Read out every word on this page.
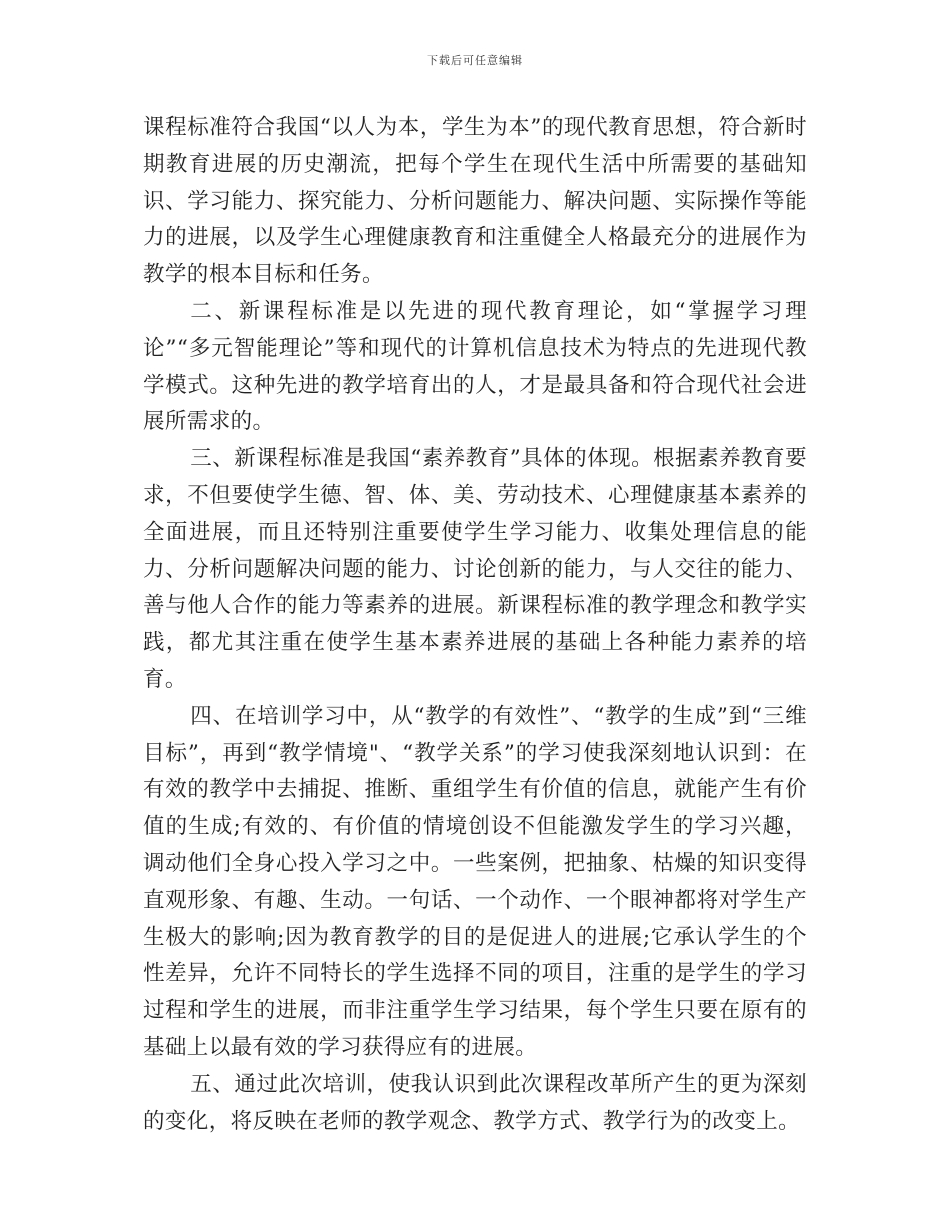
下载后可任意编辑

课程标准符合我国“以人为本，学生为本”的现代教育思想，符合新时期教育进展的历史潮流，把每个学生在现代生活中所需要的基础知识、学习能力、探究能力、分析问题能力、解决问题、实际操作等能力的进展，以及学生心理健康教育和注重健全人格最充分的进展作为教学的根本目标和任务。

二、新课程标准是以先进的现代教育理论，如“掌握学习理论”“多元智能理论”等和现代的计算机信息技术为特点的先进现代教学模式。这种先进的教学培育出的人，才是最具备和符合现代社会进展所需求的。

三、新课程标准是我国“素养教育”具体的体现。根据素养教育要求，不但要使学生德、智、体、美、劳动技术、心理健康基本素养的全面进展，而且还特别注重要使学生学习能力、收集处理信息的能力、分析问题解决问题的能力、讨论创新的能力，与人交往的能力、善与他人合作的能力等素养的进展。新课程标准的教学理念和教学实践，都尤其注重在使学生基本素养进展的基础上各种能力素养的培育。

四、在培训学习中，从“教学的有效性”、“教学的生成”到“三维目标”，再到“教学情境"、“教学关系”的学习使我深刻地认识到：在有效的教学中去捕捉、推断、重组学生有价值的信息，就能产生有价值的生成;有效的、有价值的情境创设不但能激发学生的学习兴趣，调动他们全身心投入学习之中。一些案例，把抽象、枯燥的知识变得直观形象、有趣、生动。一句话、一个动作、一个眼神都将对学生产生极大的影响;因为教育教学的目的是促进人的进展;它承认学生的个性差异，允许不同特长的学生选择不同的项目，注重的是学生的学习过程和学生的进展，而非注重学生学习结果，每个学生只要在原有的基础上以最有效的学习获得应有的进展。

五、通过此次培训，使我认识到此次课程改革所产生的更为深刻的变化，将反映在老师的教学观念、教学方式、教学行为的改变上。
